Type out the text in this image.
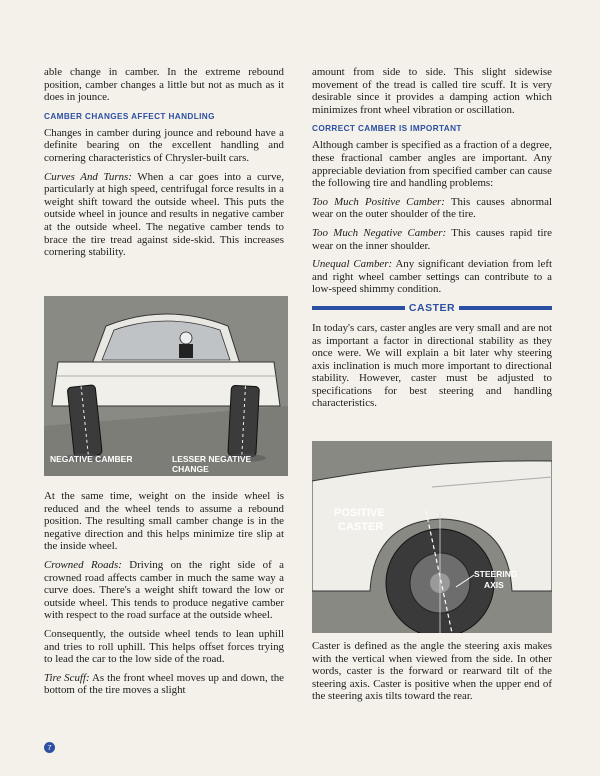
able change in camber. In the extreme rebound position, camber changes a little but not as much as it does in jounce.

CAMBER CHANGES AFFECT HANDLING

Changes in camber during jounce and rebound have a definite bearing on the excellent handling and cornering characteristics of Chrysler-built cars.

Curves And Turns: When a car goes into a curve, particularly at high speed, centrifugal force results in a weight shift toward the outside wheel. This puts the outside wheel in jounce and results in negative camber at the outside wheel. The negative camber tends to brace the tire tread against side-skid. This increases cornering stability.

NEGATIVE CAMBER	LESSER NEGATIVE CHANGE

At the same time, weight on the inside wheel is reduced and the wheel tends to assume a rebound position. The resulting small camber change is in the negative direction and this helps minimize tire slip at the inside wheel.

Crowned Roads: Driving on the right side of a crowned road affects camber in much the same way a curve does. There's a weight shift toward the low or outside wheel. This tends to produce negative camber with respect to the road surface at the outside wheel.

Consequently, the outside wheel tends to lean uphill and tries to roll uphill. This helps offset forces trying to lead the car to the low side of the road.

Tire Scuff: As the front wheel moves up and down, the bottom of the tire moves a slight

amount from side to side. This slight sidewise movement of the tread is called tire scuff. It is very desirable since it provides a damping action which minimizes front wheel vibration or oscillation.

CORRECT CAMBER IS IMPORTANT

Although camber is specified as a fraction of a degree, these fractional camber angles are important. Any appreciable deviation from specified camber can cause the following tire and handling problems:

Too Much Positive Camber: This causes abnormal wear on the outer shoulder of the tire.

Too Much Negative Camber: This causes rapid tire wear on the inner shoulder.

Unequal Camber: Any significant deviation from left and right wheel camber settings can contribute to a low-speed shimmy condition.

CASTER

In today's cars, caster angles are very small and are not as important a factor in directional stability as they once were. We will explain a bit later why steering axis inclination is much more important to directional stability. However, caster must be adjusted to specifications for best steering and handling characteristics.

POSITIVE
CASTER
STEERING
AXIS

Caster is defined as the angle the steering axis makes with the vertical when viewed from the side. In other words, caster is the forward or rearward tilt of the steering axis. Caster is positive when the upper end of the steering axis tilts toward the rear.

7
